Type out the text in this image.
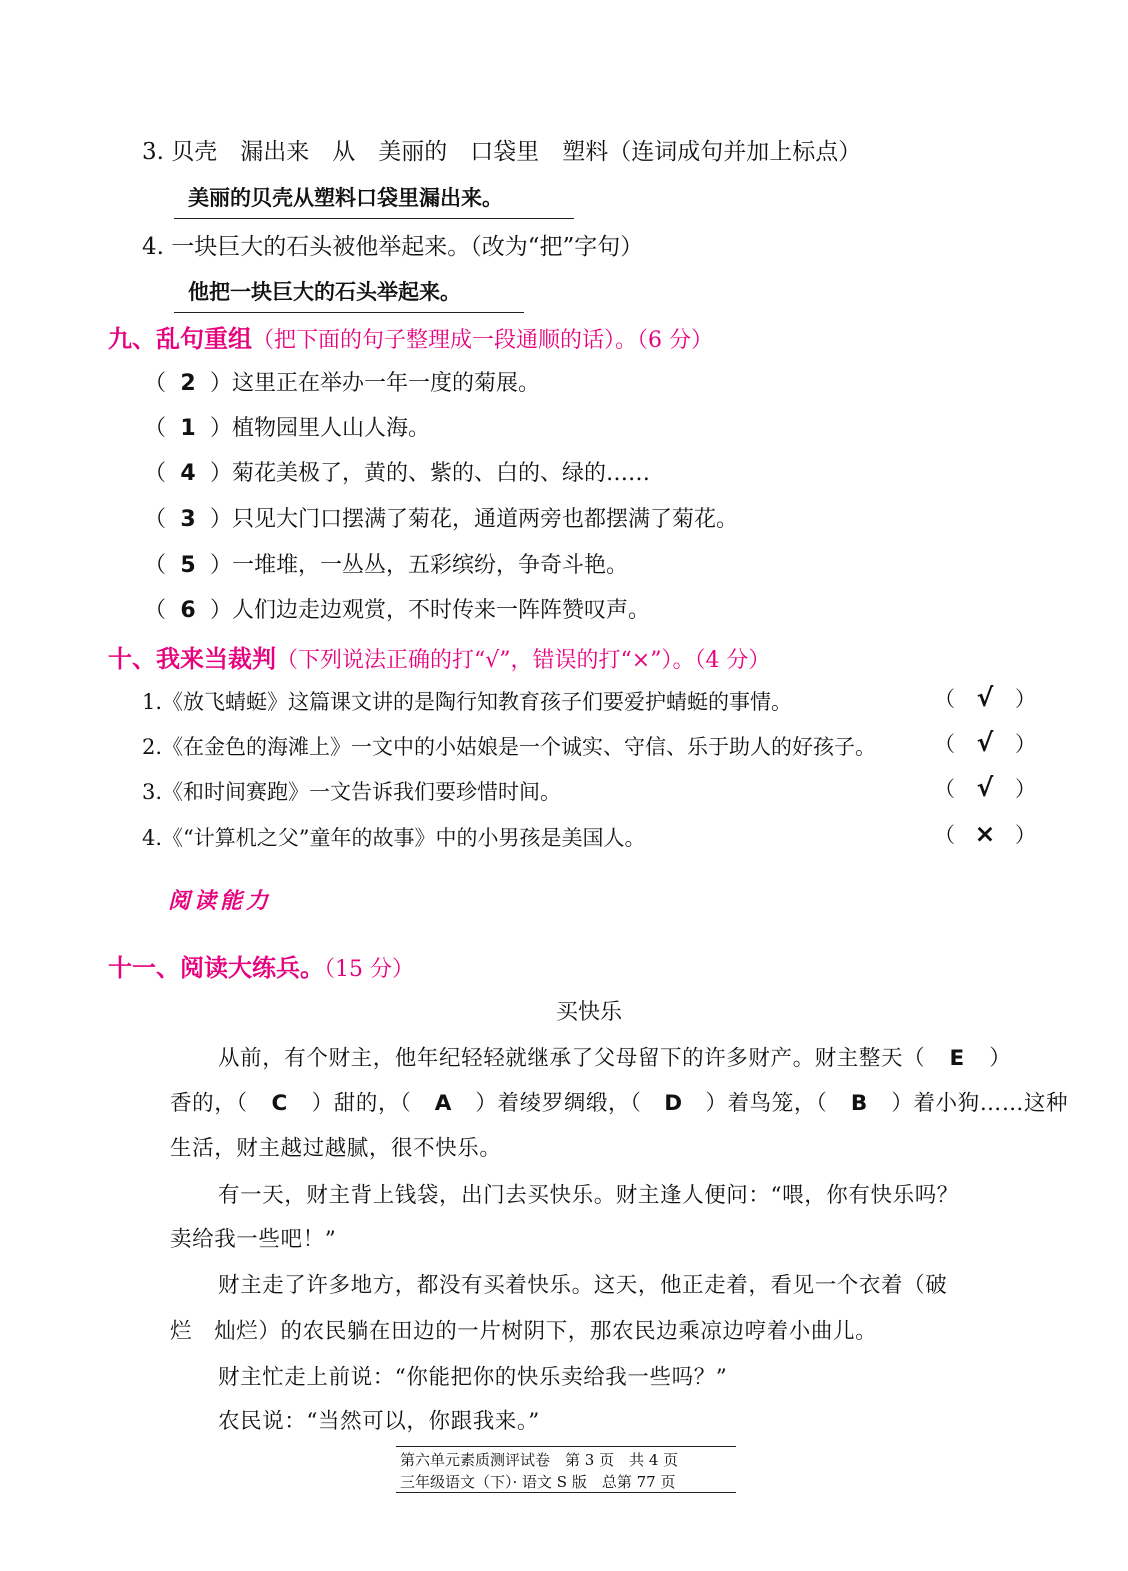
3. 贝壳　漏出来　从　美丽的　口袋里　塑料（连词成句并加上标点）
美丽的贝壳从塑料口袋里漏出来。
4. 一块巨大的石头被他举起来。（改为“把”字句）
他把一块巨大的石头举起来。
九、乱句重组（把下面的句子整理成一段通顺的话）。（6 分）
（ 2 ）这里正在举办一年一度的菊展。
（ 1 ）植物园里人山人海。
（ 4 ）菊花美极了，黄的、紫的、白的、绿的……
（ 3 ）只见大门口摆满了菊花，通道两旁也都摆满了菊花。
（ 5 ）一堆堆，一丛丛，五彩缤纷，争奇斗艳。
（ 6 ）人们边走边观赏，不时传来一阵阵赞叹声。
十、我来当裁判（下列说法正确的打“√”，错误的打“×”）。（4 分）
1.《放飞蜻蜓》这篇课文讲的是陶行知教育孩子们要爱护蜻蜓的事情。	（ √ ）
2.《在金色的海滩上》一文中的小姑娘是一个诚实、守信、乐于助人的好孩子。	（ √ ）
3.《和时间赛跑》一文告诉我们要珍惜时间。	（ √ ）
4.《“计算机之父”童年的故事》中的小男孩是美国人。	（ × ）
阅读能力
十一、阅读大练兵。（15 分）
买快乐
从前，有个财主，他年纪轻轻就继承了父母留下的许多财产。财主整天（ E ）
香的，（ C ）甜的，（ A ）着绫罗绸缎，（ D ）着鸟笼，（ B ）着小狗……这种
生活，财主越过越腻，很不快乐。
有一天，财主背上钱袋，出门去买快乐。财主逢人便问：“喂，你有快乐吗？
卖给我一些吧！”
财主走了许多地方，都没有买着快乐。这天，他正走着，看见一个衣着（破
烂　灿烂）的农民躺在田边的一片树阴下，那农民边乘凉边哼着小曲儿。
财主忙走上前说：“你能把你的快乐卖给我一些吗？”
农民说：“当然可以，你跟我来。”
第六单元素质测评试卷　第 3 页　共 4 页
三年级语文（下）· 语文 S 版　总第 77 页
